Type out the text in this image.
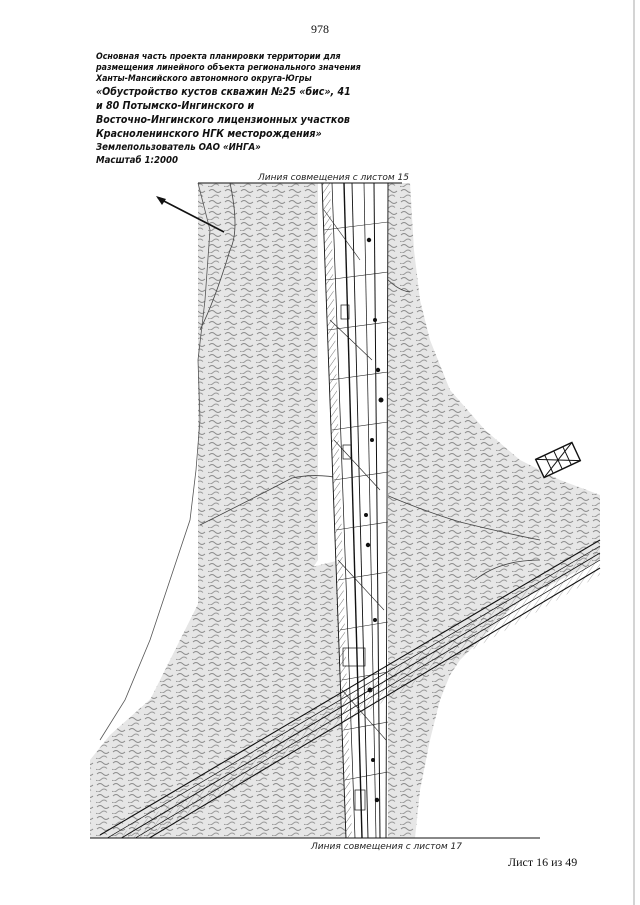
978
Основная часть проекта планировки территории для
размещения линейного объекта регионального значения
Ханты-Мансийского автономного округа-Югры
«Обустройство кустов скважин №25 «бис», 41
и 80 Потымско-Ингинского и
Восточно-Ингинского лицензионных участков
Красноленинского НГК месторождения»
Землепользователь ОАО «ИНГА»
Масштаб 1:2000
Линия совмещения с листом 15
Линия совмещения с листом 17
Лист 16 из 49
